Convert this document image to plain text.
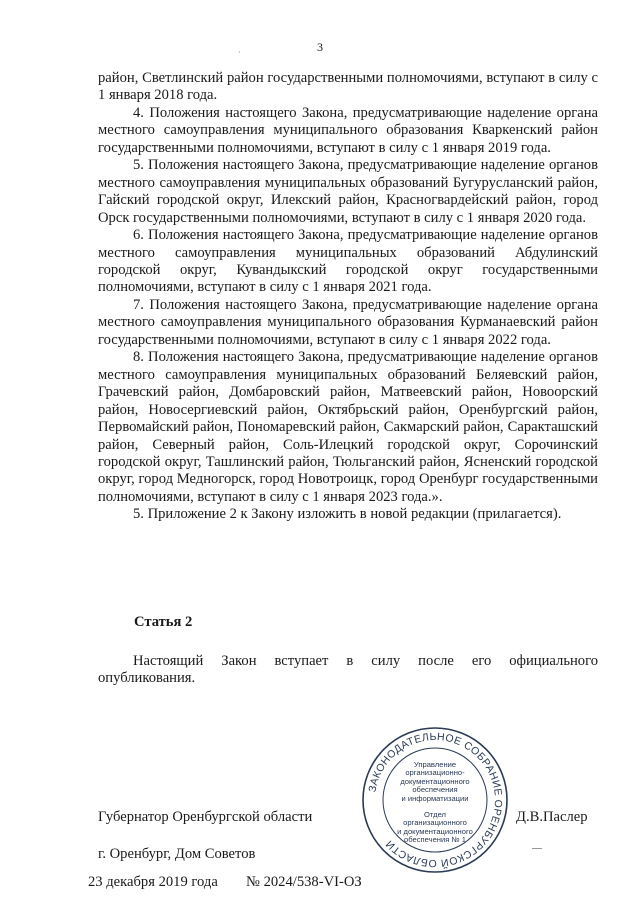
3
·

район, Светлинский район государственными полномочиями, вступают в силу с 1 января 2018 года.

4. Положения настоящего Закона, предусматривающие наделение органа местного самоуправления муниципального образования Кваркенский район государственными полномочиями, вступают в силу с 1 января 2019 года.

5. Положения настоящего Закона, предусматривающие наделение органов местного самоуправления муниципальных образований Бугурусланский район, Гайский городской округ, Илекский район, Красногвардейский район, город Орск государственными полномочиями, вступают в силу с 1 января 2020 года.

6. Положения настоящего Закона, предусматривающие наделение органов местного самоуправления муниципальных образований Абдулинский городской округ, Кувандыкский городской округ государственными полномочиями, вступают в силу с 1 января 2021 года.

7. Положения настоящего Закона, предусматривающие наделение органа местного самоуправления муниципального образования Курманаевский район государственными полномочиями, вступают в силу с 1 января 2022 года.

8. Положения настоящего Закона, предусматривающие наделение органов местного самоуправления муниципальных образований Беляевский район, Грачевский район, Домбаровский район, Матвеевский район, Новоорский район, Новосергиевский район, Октябрьский район, Оренбургский район, Первомайский район, Пономаревский район, Сакмарский район, Саракташский район, Северный район, Соль-Илецкий городской округ, Сорочинский городской округ, Ташлинский район, Тюльганский район, Ясненский городской округ, город Медногорск, город Новотроицк, город Оренбург государственными полномочиями, вступают в силу с 1 января 2023 года.».

5. Приложение 2 к Закону изложить в новой редакции (прилагается).

Статья 2

Настоящий Закон вступает в силу после его официального опубликования.

ЗАКОНОДАТЕЛЬНОЕ СОБРАНИЕ ОРЕНБУРГСКОЙ ОБЛАСТИ
Управление
организационно-
документационного
обеспечения
и информатизации
Отдел организационного
и документационного
обеспечения № 1
Губернатор Оренбургской области	Д.В.Паслер
г. Оренбург, Дом Советов
23 декабря 2019 года № 2024/538-VI-ОЗ
